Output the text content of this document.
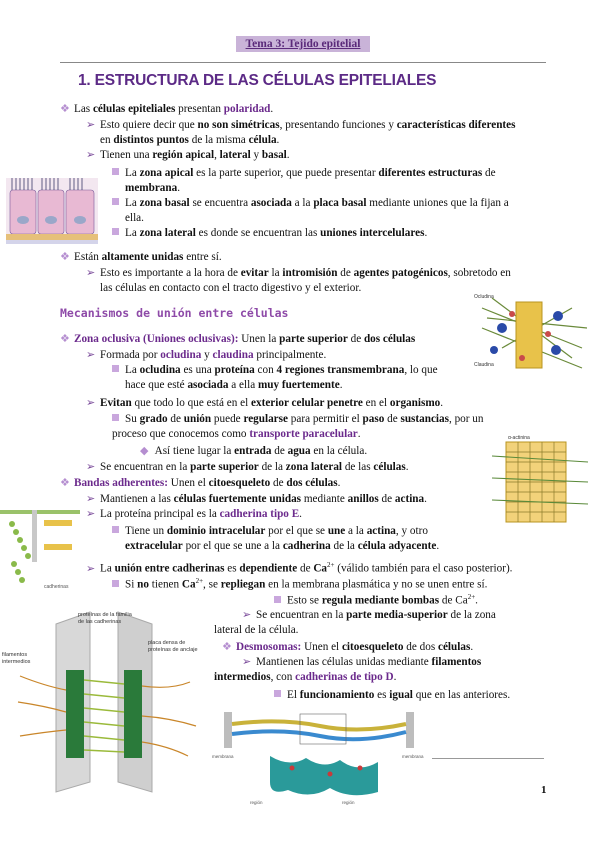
Tema 3: Tejido epitelial
1. ESTRUCTURA DE LAS CÉLULAS EPITELIALES
❖ Las células epiteliales presentan polaridad.
➢ Esto quiere decir que no son simétricas, presentando funciones y características diferentes
en distintos puntos de la misma célula.
➢ Tienen una región apical, lateral y basal.
La zona apical es la parte superior, que puede presentar diferentes estructuras de
membrana.
La zona basal se encuentra asociada a la placa basal mediante uniones que la fijan a
ella.
La zona lateral es donde se encuentran las uniones intercelulares.
❖ Están altamente unidas entre sí.
➢ Esto es importante a la hora de evitar la intromisión de agentes patogénicos, sobretodo en
las células en contacto con el tracto digestivo y el exterior.
Mecanismos de unión entre células
Ocludina
Claudina
❖ Zona oclusiva (Uniones oclusivas): Unen la parte superior de dos células
➢ Formada por ocludina y claudina principalmente.
La ocludina es una proteína con 4 regiones transmembrana, lo que
hace que esté asociada a ella muy fuertemente.
➢ Evitan que todo lo que está en el exterior celular penetre en el organismo.
Su grado de unión puede regularse para permitir el paso de sustancias, por un
proceso que conocemos como transporte paracelular.
◆ Así tiene lugar la entrada de agua en la célula.
➢ Se encuentran en la parte superior de la zona lateral de las células.
α-actinina
❖ Bandas adherentes: Unen el citoesqueleto de dos células.
➢ Mantienen a las células fuertemente unidas mediante anillos de actina.
➢ La proteína principal es la cadherina tipo E.
cadherinas
Tiene un dominio intracelular por el que se une a la actina, y otro
extracelular por el que se une a la cadherina de la célula adyacente.
➢ La unión entre cadherinas es dependiente de $Ca^{2+}$ (válido también para el caso posterior).
Si no tienen $Ca^{2+}$, se repliegan en la membrana plasmática y no se unen entre sí.
Esto se regula mediante bombas de $Ca^{2+}$.
➢ Se encuentran en la parte media-superior de la zona
lateral de la célula.
proteínas de la familia
de las cadherinas
placa densa de
proteínas de anclaje
filamentos
intermedios
❖ Desmosomas: Unen el citoesqueleto de dos células.
➢ Mantienen las células unidas mediante filamentos
intermedios, con cadherinas de tipo D.
El funcionamiento es igual que en las anteriores.
membrana	membrana
región	región
1
